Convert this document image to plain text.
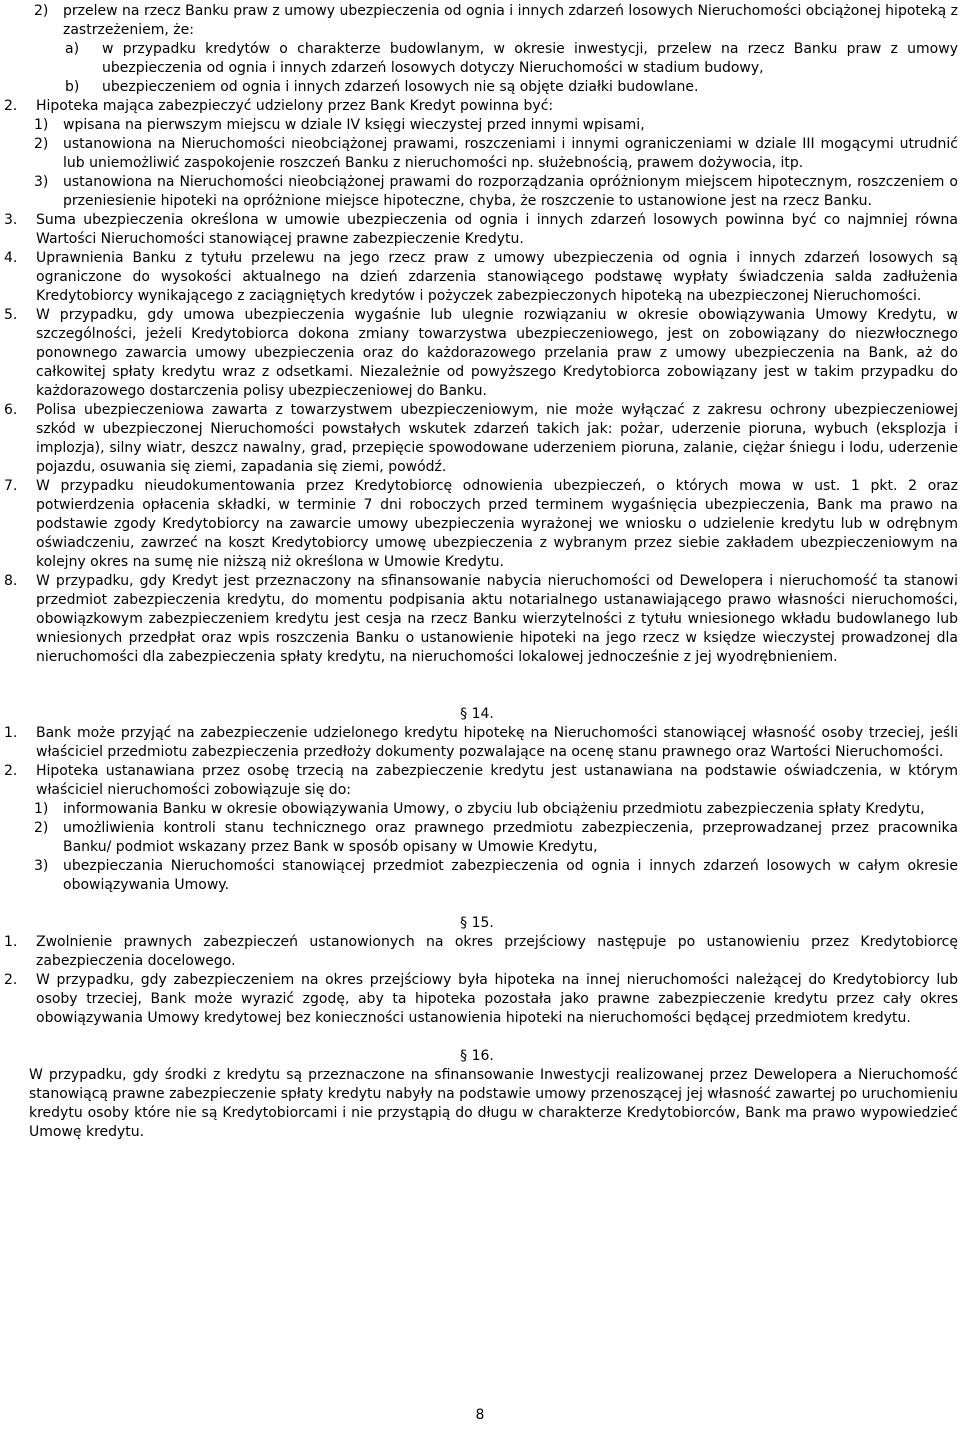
2)	przelew na rzecz Banku praw z umowy ubezpieczenia od ognia i innych zdarzeń losowych Nieruchomości obciążonej hipoteką z zastrzeżeniem, że:
a)	w przypadku kredytów o charakterze budowlanym, w okresie inwestycji, przelew na rzecz Banku praw z umowy ubezpieczenia od ognia i innych zdarzeń losowych dotyczy Nieruchomości w stadium budowy,
b)	ubezpieczeniem od ognia i innych zdarzeń losowych nie są objęte działki budowlane.
2.	Hipoteka mająca zabezpieczyć udzielony przez Bank Kredyt powinna być:
1)	wpisana na pierwszym miejscu w dziale IV księgi wieczystej przed innymi wpisami,
2)	ustanowiona na Nieruchomości nieobciążonej prawami, roszczeniami i innymi ograniczeniami w dziale III mogącymi utrudnić lub uniemożliwić zaspokojenie roszczeń Banku z nieruchomości np. służebnością, prawem dożywocia, itp.
3)	ustanowiona na Nieruchomości nieobciążonej prawami do rozporządzania opróżnionym miejscem hipotecznym, roszczeniem o przeniesienie hipoteki na opróżnione miejsce hipoteczne, chyba, że roszczenie to ustanowione jest na rzecz Banku.
3.	Suma ubezpieczenia określona w umowie ubezpieczenia od ognia i innych zdarzeń losowych powinna być co najmniej równa Wartości Nieruchomości stanowiącej prawne zabezpieczenie Kredytu.
4.	Uprawnienia Banku z tytułu przelewu na jego rzecz praw z umowy ubezpieczenia od ognia i innych zdarzeń losowych są ograniczone do wysokości aktualnego na dzień zdarzenia stanowiącego podstawę wypłaty świadczenia salda zadłużenia Kredytobiorcy wynikającego z zaciągniętych kredytów i pożyczek zabezpieczonych hipoteką na ubezpieczonej Nieruchomości.
5.	W przypadku, gdy umowa ubezpieczenia wygaśnie lub ulegnie rozwiązaniu w okresie obowiązywania Umowy Kredytu, w szczególności, jeżeli Kredytobiorca dokona zmiany towarzystwa ubezpieczeniowego, jest on zobowiązany do niezwłocznego ponownego zawarcia umowy ubezpieczenia oraz do każdorazowego przelania praw z umowy ubezpieczenia na Bank, aż do całkowitej spłaty kredytu wraz z odsetkami. Niezależnie od powyższego Kredytobiorca zobowiązany jest w takim przypadku do każdorazowego dostarczenia polisy ubezpieczeniowej do Banku.
6.	Polisa ubezpieczeniowa zawarta z towarzystwem ubezpieczeniowym, nie może wyłączać z zakresu ochrony ubezpieczeniowej szkód w ubezpieczonej Nieruchomości powstałych wskutek zdarzeń takich jak: pożar, uderzenie pioruna, wybuch (eksplozja i implozja), silny wiatr, deszcz nawalny, grad, przepięcie spowodowane uderzeniem pioruna, zalanie, ciężar śniegu i lodu, uderzenie pojazdu, osuwania się ziemi, zapadania się ziemi, powódź.
7.	W przypadku nieudokumentowania przez Kredytobiorcę odnowienia ubezpieczeń, o których mowa w ust. 1 pkt. 2 oraz potwierdzenia opłacenia składki, w terminie 7 dni roboczych przed terminem wygaśnięcia ubezpieczenia, Bank ma prawo na podstawie zgody Kredytobiorcy na zawarcie umowy ubezpieczenia wyrażonej we wniosku o udzielenie kredytu lub w odrębnym oświadczeniu, zawrzeć na koszt Kredytobiorcy umowę ubezpieczenia z wybranym przez siebie zakładem ubezpieczeniowym na kolejny okres na sumę nie niższą niż określona w Umowie Kredytu.
8.	W przypadku, gdy Kredyt jest przeznaczony na sfinansowanie nabycia nieruchomości od Dewelopera i nieruchomość ta stanowi przedmiot zabezpieczenia kredytu, do momentu podpisania aktu notarialnego ustanawiającego prawo własności nieruchomości, obowiązkowym zabezpieczeniem kredytu jest cesja na rzecz Banku wierzytelności z tytułu wniesionego wkładu budowlanego lub wniesionych przedpłat oraz wpis roszczenia Banku o ustanowienie hipoteki na jego rzecz w księdze wieczystej prowadzonej dla nieruchomości dla zabezpieczenia spłaty kredytu, na nieruchomości lokalowej jednocześnie z jej wyodrębnieniem.
§ 14.
1.	Bank może przyjąć na zabezpieczenie udzielonego kredytu hipotekę na Nieruchomości stanowiącej własność osoby trzeciej, jeśli właściciel przedmiotu zabezpieczenia przedłoży dokumenty pozwalające na ocenę stanu prawnego oraz Wartości Nieruchomości.
2.	Hipoteka ustanawiana przez osobę trzecią na zabezpieczenie kredytu jest ustanawiana na podstawie oświadczenia, w którym właściciel nieruchomości zobowiązuje się do:
1)	informowania Banku w okresie obowiązywania Umowy, o zbyciu lub obciążeniu przedmiotu zabezpieczenia spłaty Kredytu,
2)	umożliwienia kontroli stanu technicznego oraz prawnego przedmiotu zabezpieczenia, przeprowadzanej przez pracownika Banku/ podmiot wskazany przez Bank w sposób opisany w Umowie Kredytu,
3)	ubezpieczania Nieruchomości stanowiącej przedmiot zabezpieczenia od ognia i innych zdarzeń losowych w całym okresie obowiązywania Umowy.
§ 15.
1.	Zwolnienie prawnych zabezpieczeń ustanowionych na okres przejściowy następuje po ustanowieniu przez Kredytobiorcę zabezpieczenia docelowego.
2.	W przypadku, gdy zabezpieczeniem na okres przejściowy była hipoteka na innej nieruchomości należącej do Kredytobiorcy lub osoby trzeciej, Bank może wyrazić zgodę, aby ta hipoteka pozostała jako prawne zabezpieczenie kredytu przez cały okres obowiązywania Umowy kredytowej bez konieczności ustanowienia hipoteki na nieruchomości będącej przedmiotem kredytu.
§ 16.
W przypadku, gdy środki z kredytu są przeznaczone na sfinansowanie Inwestycji realizowanej przez Dewelopera a Nieruchomość stanowiącą prawne zabezpieczenie spłaty kredytu nabyły na podstawie umowy przenoszącej jej własność zawartej po uruchomieniu kredytu osoby które nie są Kredytobiorcami i nie przystąpią do długu w charakterze Kredytobiorców, Bank ma prawo wypowiedzieć Umowę kredytu.
8
